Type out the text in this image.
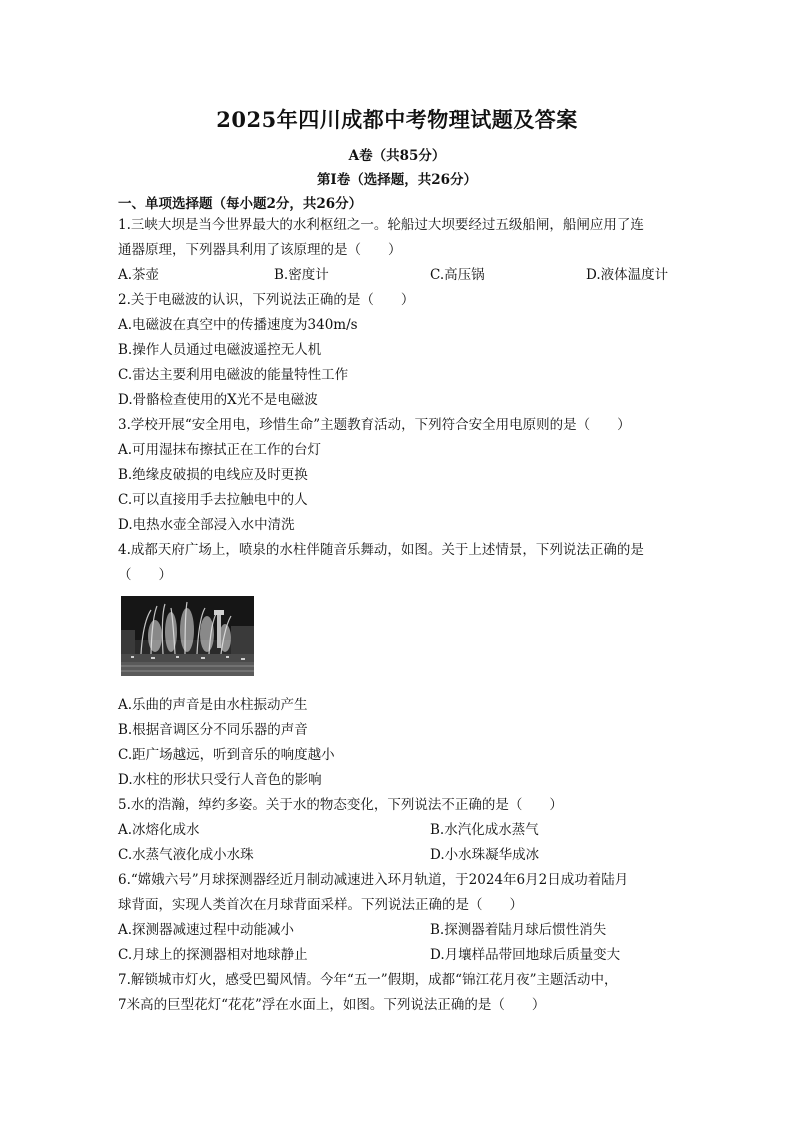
2025年四川成都中考物理试题及答案
A卷（共85分）
第Ⅰ卷（选择题，共26分）
一、单项选择题（每小题2分，共26分）
1.三峡大坝是当今世界最大的水利枢纽之一。轮船过大坝要经过五级船闸，船闸应用了连
通器原理，下列器具利用了该原理的是（　　）
A.茶壶	B.密度计	C.高压锅	D.液体温度计
2.关于电磁波的认识，下列说法正确的是（　　）
A.电磁波在真空中的传播速度为340m/s
B.操作人员通过电磁波遥控无人机
C.雷达主要利用电磁波的能量特性工作
D.骨骼检查使用的X光不是电磁波
3.学校开展“安全用电，珍惜生命”主题教育活动，下列符合安全用电原则的是（　　）
A.可用湿抹布擦拭正在工作的台灯
B.绝缘皮破损的电线应及时更换
C.可以直接用手去拉触电中的人
D.电热水壶全部浸入水中清洗
4.成都天府广场上，喷泉的水柱伴随音乐舞动，如图。关于上述情景，下列说法正确的是
（　　）
A.乐曲的声音是由水柱振动产生
B.根据音调区分不同乐器的声音
C.距广场越远，听到音乐的响度越小
D.水柱的形状只受行人音色的影响
5.水的浩瀚，绰约多姿。关于水的物态变化，下列说法不正确的是（　　）
A.冰熔化成水	B.水汽化成水蒸气
C.水蒸气液化成小水珠	D.小水珠凝华成冰
6.“嫦娥六号”月球探测器经近月制动减速进入环月轨道，于2024年6月2日成功着陆月
球背面，实现人类首次在月球背面采样。下列说法正确的是（　　）
A.探测器减速过程中动能减小	B.探测器着陆月球后惯性消失
C.月球上的探测器相对地球静止	D.月壤样品带回地球后质量变大
7.解锁城市灯火，感受巴蜀风情。今年“五一”假期，成都“锦江花月夜”主题活动中，
7米高的巨型花灯“花花”浮在水面上，如图。下列说法正确的是（　　）
